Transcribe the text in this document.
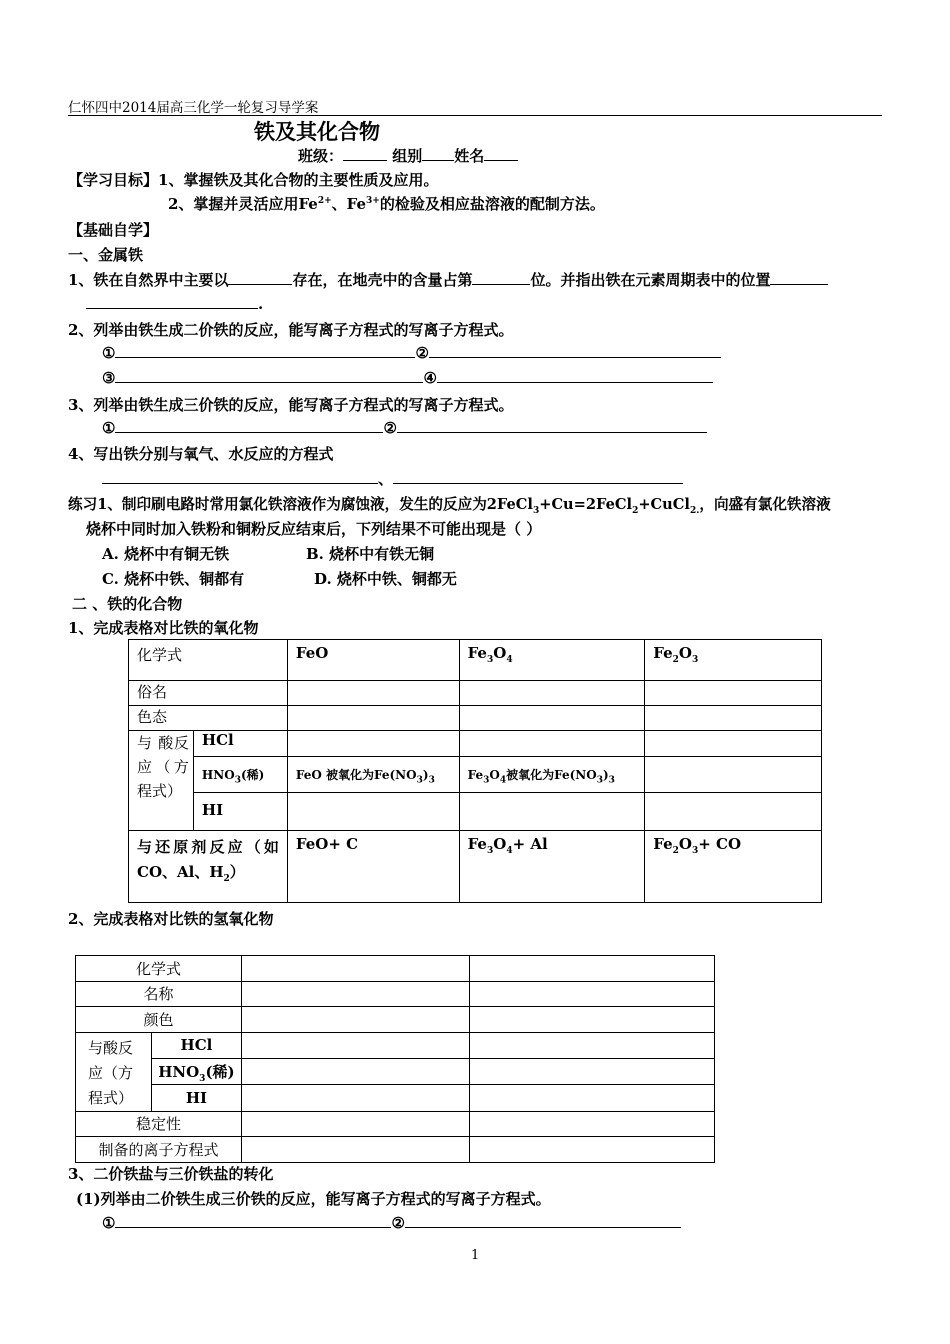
仁怀四中2014届高三化学一轮复习导学案
铁及其化合物
班级：	组别 姓名
【学习目标】1、掌握铁及其化合物的主要性质及应用。
2、掌握并灵活应用$Fe^{2+}$、$Fe^{3+}$的检验及相应盐溶液的配制方法。
【基础自学】
一、金属铁
1、铁在自然界中主要以	存在，在地壳中的含量占第	位。并指出铁在元素周期表中的位置
.
2、列举由铁生成二价铁的反应，能写离子方程式的写离子方程式。
①	②
③	④
3、列举由铁生成三价铁的反应，能写离子方程式的写离子方程式。
①	②
4、写出铁分别与氧气、水反应的方程式
、
练习1、制印刷电路时常用氯化铁溶液作为腐蚀液，发生的反应为2FeCl$_3$+Cu=2FeCl$_2$+CuCl$_{2.}$，向盛有氯化铁溶液
烧杯中同时加入铁粉和铜粉反应结束后，下列结果不可能出现是（ ）
A. 烧杯中有铜无铁	B. 烧杯中有铁无铜
C. 烧杯中铁、铜都有	D. 烧杯中铁、铜都无
二 、铁的化合物
1、完成表格对比铁的氧化物
化学式		FeO	$Fe_3O_4$	$Fe_2O_3$
俗名				
色态				
与 酸反 应（方程式）	HCl			
	$HNO_3$(稀)	FeO 被氧化为$Fe(NO_3)_3$	$Fe_3O_4$被氧化为$Fe(NO_3)_3$	
	HI			
与还原剂反应（如CO、Al、$H_2$）		FeO+ C	$Fe_3O_4+ Al$	$Fe_2O_3+$ CO
2、完成表格对比铁的氢氧化物
化学式			
名称			
颜色			
与酸反应（方程式）	HCl		
	$HNO_3$(稀)		
	HI		
稳定性			
制备的离子方程式			
3、二价铁盐与三价铁盐的转化
(1)列举由二价铁生成三价铁的反应，能写离子方程式的写离子方程式。
①	②
1
